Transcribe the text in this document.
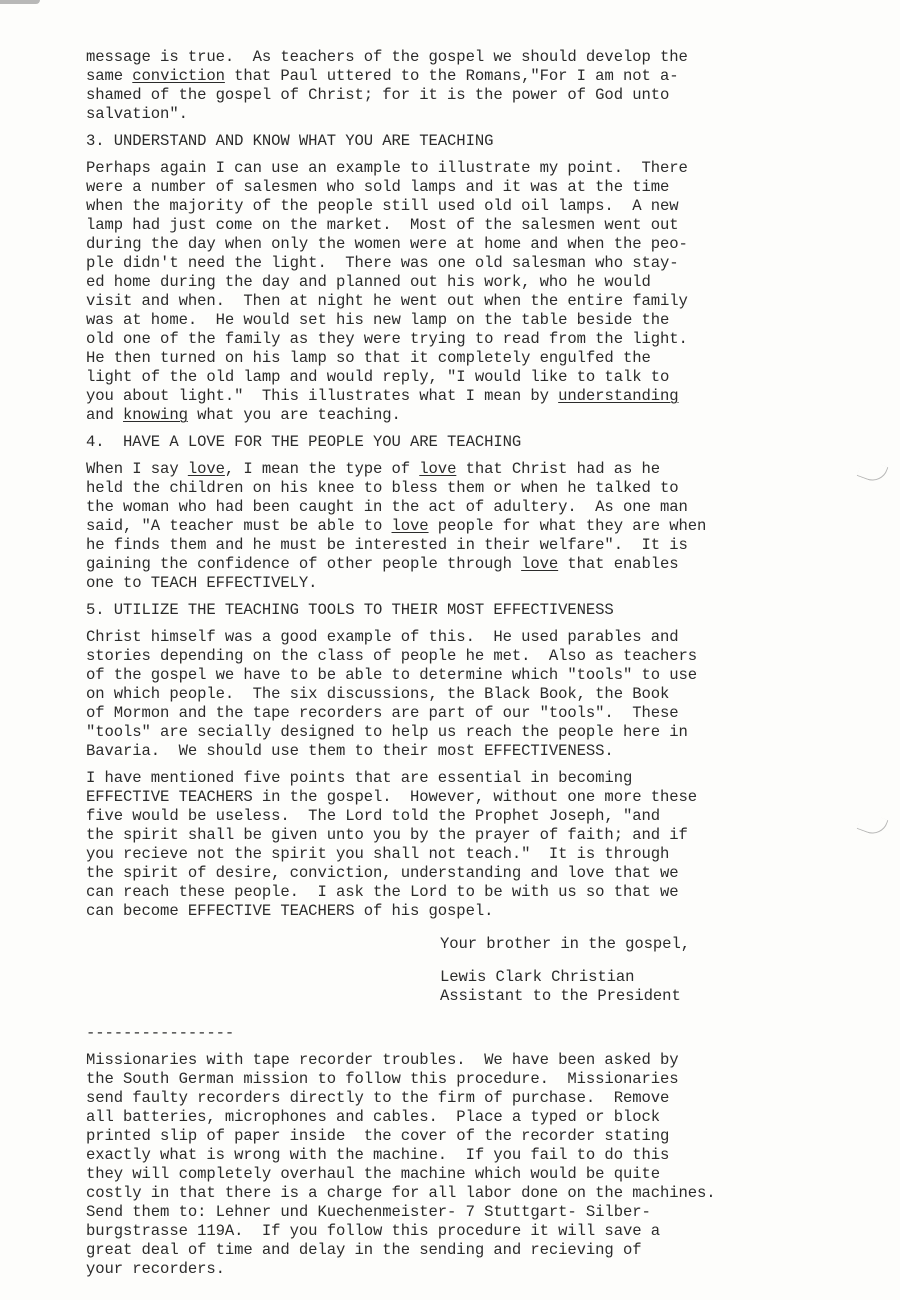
message is true.  As teachers of the gospel we should develop the
same conviction that Paul uttered to the Romans,"For I am not a-
shamed of the gospel of Christ; for it is the power of God unto
salvation".
3. UNDERSTAND AND KNOW WHAT YOU ARE TEACHING
Perhaps again I can use an example to illustrate my point.  There
were a number of salesmen who sold lamps and it was at the time
when the majority of the people still used old oil lamps.  A new
lamp had just come on the market.  Most of the salesmen went out
during the day when only the women were at home and when the peo-
ple didn't need the light.  There was one old salesman who stay-
ed home during the day and planned out his work, who he would
visit and when.  Then at night he went out when the entire family
was at home.  He would set his new lamp on the table beside the
old one of the family as they were trying to read from the light.
He then turned on his lamp so that it completely engulfed the
light of the old lamp and would reply, "I would like to talk to
you about light."  This illustrates what I mean by understanding
and knowing what you are teaching.
4.  HAVE A LOVE FOR THE PEOPLE YOU ARE TEACHING
When I say love, I mean the type of love that Christ had as he
held the children on his knee to bless them or when he talked to
the woman who had been caught in the act of adultery.  As one man
said, "A teacher must be able to love people for what they are when
he finds them and he must be interested in their welfare".  It is
gaining the confidence of other people through love that enables
one to TEACH EFFECTIVELY.
5. UTILIZE THE TEACHING TOOLS TO THEIR MOST EFFECTIVENESS
Christ himself was a good example of this.  He used parables and
stories depending on the class of people he met.  Also as teachers
of the gospel we have to be able to determine which "tools" to use
on which people.  The six discussions, the Black Book, the Book
of Mormon and the tape recorders are part of our "tools".  These
"tools" are secially designed to help us reach the people here in
Bavaria.  We should use them to their most EFFECTIVENESS.
I have mentioned five points that are essential in becoming
EFFECTIVE TEACHERS in the gospel.  However, without one more these
five would be useless.  The Lord told the Prophet Joseph, "and
the spirit shall be given unto you by the prayer of faith; and if
you recieve not the spirit you shall not teach."  It is through
the spirit of desire, conviction, understanding and love that we
can reach these people.  I ask the Lord to be with us so that we
can become EFFECTIVE TEACHERS of his gospel.
Your brother in the gospel,
Lewis Clark Christian
Assistant to the President
----------------
Missionaries with tape recorder troubles.  We have been asked by
the South German mission to follow this procedure.  Missionaries
send faulty recorders directly to the firm of purchase.  Remove
all batteries, microphones and cables.  Place a typed or block
printed slip of paper inside  the cover of the recorder stating
exactly what is wrong with the machine.  If you fail to do this
they will completely overhaul the machine which would be quite
costly in that there is a charge for all labor done on the machines.
Send them to: Lehner und Kuechenmeister- 7 Stuttgart- Silber-
burgstrasse 119A.  If you follow this procedure it will save a
great deal of time and delay in the sending and recieving of
your recorders.
